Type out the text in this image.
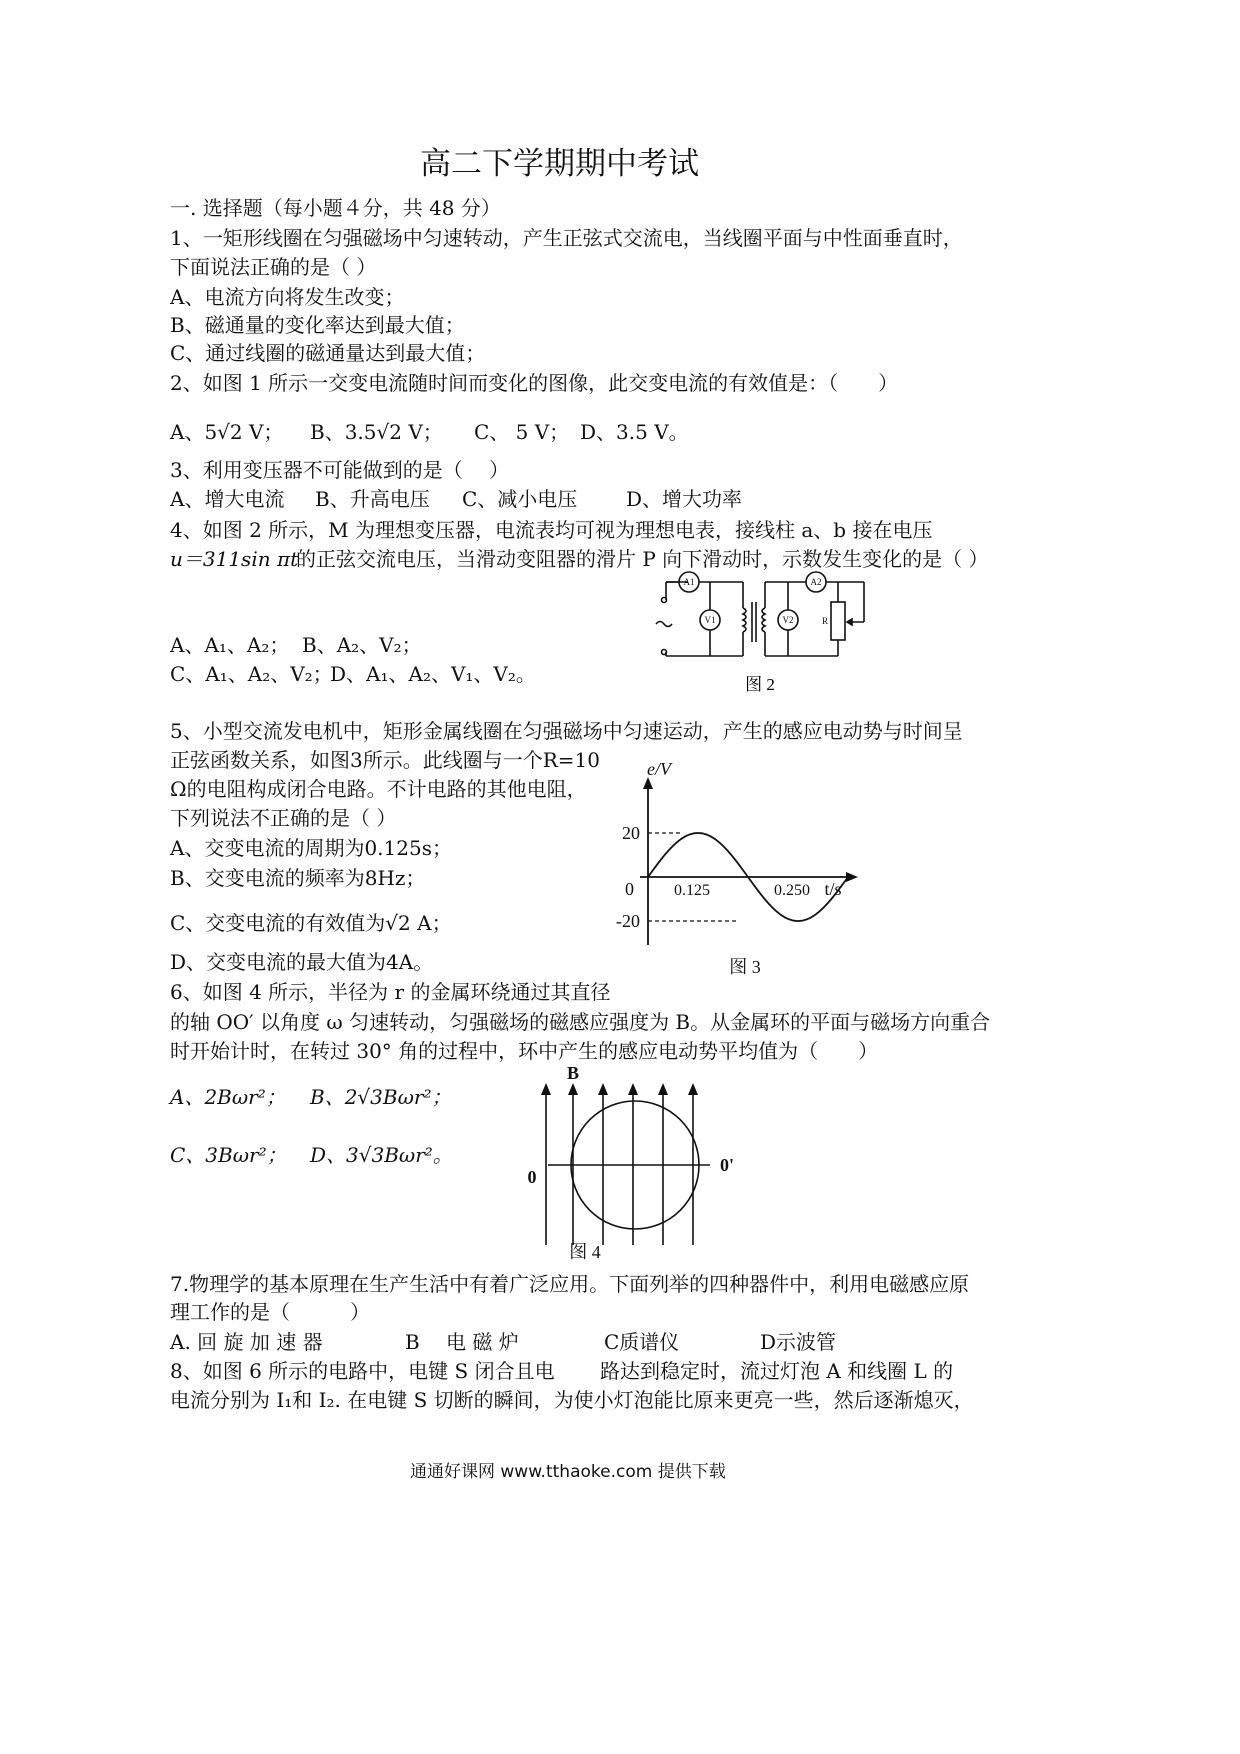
高二下学期期中考试
一. 选择题（每小题４分，共 48 分）
1、一矩形线圈在匀强磁场中匀速转动，产生正弦式交流电，当线圈平面与中性面垂直时，
下面说法正确的是（ ）
A、电流方向将发生改变；
B、磁通量的变化率达到最大值；
C、通过线圈的磁通量达到最大值；
2、如图 1 所示一交变电流随时间而变化的图像，此交变电流的有效值是：（　　）
A、5√2 V； B、3.5√2 V； C、 5 V； D、3.5 V。
3、利用变压器不可能做到的是（　 ）
A、增大电流 B、升高电压 C、减小电压 D、增大功率
4、如图 2 所示，M 为理想变压器，电流表均可视为理想电表，接线柱 a、b 接在电压
u＝311sin πt
的正弦交流电压，当滑动变阻器的滑片 P 向下滑动时，示数发生变化的是（ ）
A、A₁、A₂； B、A₂、V₂；
C、A₁、A₂、V₂；
D、A₁、A₂、V₁、V₂。
A1	A2
V1	V2	R
图 2
5、小型交流发电机中，矩形金属线圈在匀强磁场中匀速运动，产生的感应电动势与时间呈
正弦函数关系，如图3所示。此线圈与一个R=10
Ω的电阻构成闭合电路。不计电路的其他电阻，
下列说法不正确的是（ ）
A、交变电流的周期为0.125s；
B、交变电流的频率为8Hz；
C、交变电流的有效值为√2 A；
D、交变电流的最大值为4A。
e/V
20
-20
0	t/s
0.125	0.250
图 3
6、如图 4 所示，半径为 r 的金属环绕通过其直径
的轴 OO′ 以角度 ω 匀速转动，匀强磁场的磁感应强度为 B。从金属环的平面与磁场方向重合
时开始计时，在转过 30° 角的过程中，环中产生的感应电动势平均值为（　　）
A、2Bωr²； B、2√3Bωr²；
C、3Bωr²； D、3√3Bωr²。
B
0
0'
图 4
7.物理学的基本原理在生产生活中有着广泛应用。下面列举的四种器件中，利用电磁感应原
理工作的是（　　　）
A. 回 旋 加 速 器	B　 电 磁 炉	C质谱仪	D示波管
8、如图 6 所示的电路中，电键 S 闭合且电 路达到稳定时，流过灯泡 A 和线圈 L 的
电流分别为 I₁和 I₂. 在电键 S 切断的瞬间，为使小灯泡能比原来更亮一些，然后逐渐熄灭，
通通好课网 www.tthaoke.com 提供下载
